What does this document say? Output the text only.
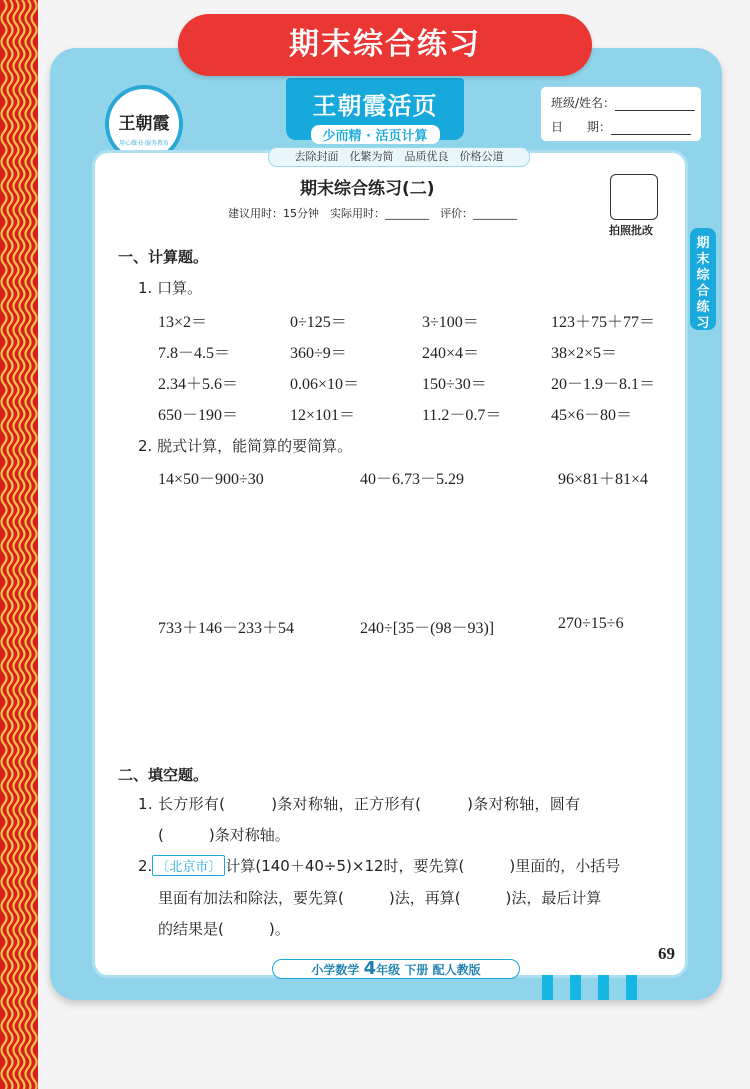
期末综合练习
王朝霞
用心做书·服务教育
王朝霞活页
少而精 · 活页计算
班级/姓名：
日　　期：
去除封面　化繁为简　品质优良　价格公道
期
末
综
合
练
习
期末综合练习(二)
建议用时：15分钟　实际用时：________　评价：________
拍照批改
一、计算题。
1. 口算。
13×2＝	0÷125＝	3÷100＝	123＋75＋77＝
7.8－4.5＝	360÷9＝	240×4＝	38×2×5＝
2.34＋5.6＝	0.06×10＝	150÷30＝	20－1.9－8.1＝
650－190＝	12×101＝	11.2－0.7＝	45×6－80＝
2. 脱式计算，能简算的要简算。
14×50－900÷30	40－6.73－5.29	96×81＋81×4
733＋146－233＋54	240÷[35－(98－93)]	270÷15÷6
二、填空题。
1. 长方形有(　　　)条对称轴，正方形有(　　　)条对称轴，圆有
(　　　)条对称轴。
2. 〔北京市〕 计算(140＋40÷5)×12时，要先算(　　　)里面的，小括号
里面有加法和除法，要先算(　　　)法，再算(　　　)法，最后计算
的结果是(　　　)。
小学数学 4年级 下册 配人教版
69
